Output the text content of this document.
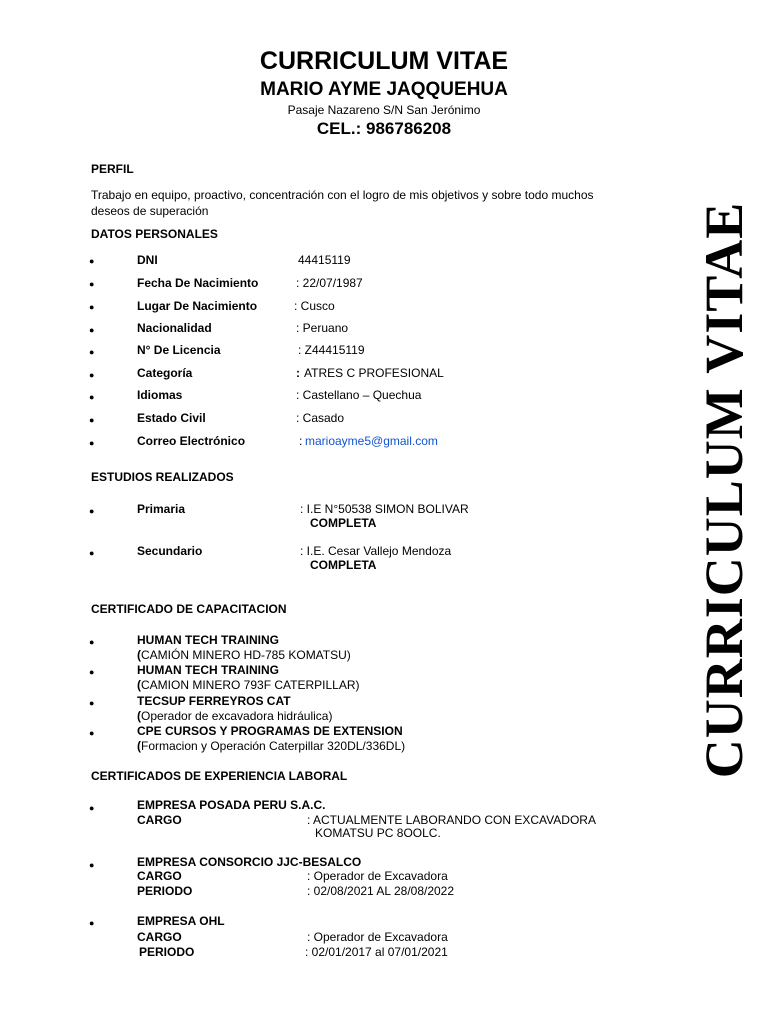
CURRICULUM VITAE
MARIO AYME JAQQUEHUA
Pasaje Nazareno S/N San Jerónimo
CEL.: 986786208
CURRICULUM VITAE
PERFIL
Trabajo en equipo, proactivo, concentración con el logro de mis objetivos y sobre todo muchos
deseos de superación
DATOS PERSONALES
●	DNI	44415119
●	Fecha De Nacimiento	: 22/07/1987
●	Lugar De Nacimiento	: Cusco
●	Nacionalidad	: Peruano
●	N° De Licencia	: Z44415119
●	Categoría	: ATRES C PROFESIONAL
●	Idiomas	: Castellano – Quechua
●	Estado Civil	: Casado
●	Correo Electrónico	: marioayme5@gmail.com
ESTUDIOS REALIZADOS
●	Primaria	: I.E N°50538 SIMON BOLIVAR
COMPLETA
●	Secundario	: I.E. Cesar Vallejo Mendoza
COMPLETA
CERTIFICADO DE CAPACITACION
●	HUMAN TECH TRAINING
(CAMIÓN MINERO HD-785 KOMATSU)
●	HUMAN TECH TRAINING
(CAMION MINERO 793F CATERPILLAR)
●	TECSUP FERREYROS CAT
(Operador de excavadora hidráulica)
●	CPE CURSOS Y PROGRAMAS DE EXTENSION
(Formacion y Operación Caterpillar 320DL/336DL)
CERTIFICADOS DE EXPERIENCIA LABORAL
●	EMPRESA POSADA PERU S.A.C.
CARGO	: ACTUALMENTE LABORANDO CON EXCAVADORA
KOMATSU PC 8OOLC.
●	EMPRESA CONSORCIO JJC-BESALCO
CARGO	: Operador de Excavadora
PERIODO	: 02/08/2021 AL 28/08/2022
●	EMPRESA OHL
CARGO	: Operador de Excavadora
PERIODO	: 02/01/2017 al 07/01/2021
